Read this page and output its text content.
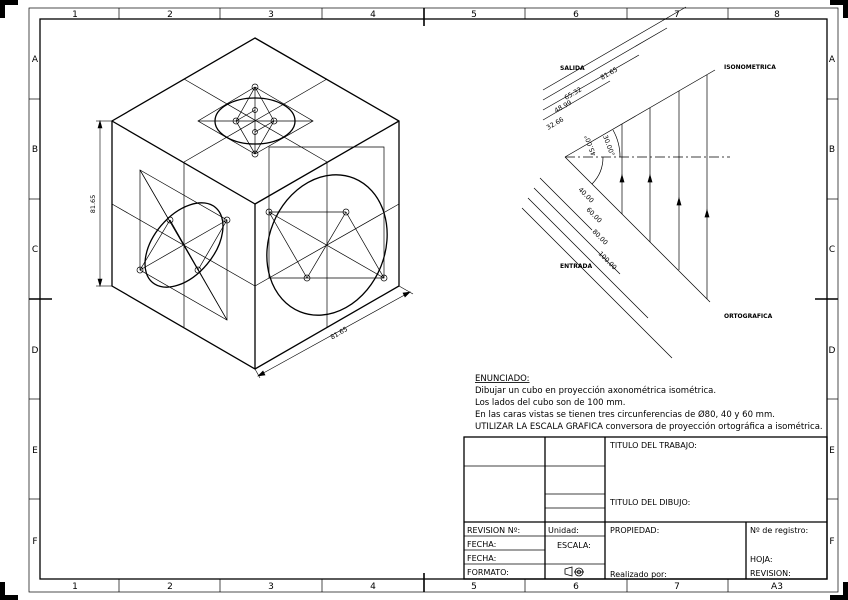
1	2	3	4	5	6	7	8
1	2	3	4	5	6	7	A3
A
B
C
D
E
F
A
B
C
D
E
F
81.65
81.65
32.66
48.99
65.32
81.65
40.00
60.00
80.00
100.00
30.00°
45.00°
SALIDA	ISONOMETRICA
ENTRADA
ORTOGRAFICA
ENUNCIADO:
Dibujar un cubo en proyección axonométrica isométrica.
Los lados del cubo son de 100 mm.
En las caras vistas se tienen tres circunferencias de Ø80, 40 y 60 mm.
UTILIZAR LA ESCALA GRAFICA conversora de proyección ortográfica a isométrica.
TITULO DEL TRABAJO:
TITULO DEL DIBUJO:
REVISION Nº:
FECHA:
FECHA:
FORMATO:
Unidad:
ESCALA:
PROPIEDAD:
Realizado por:
Nº de registro:
HOJA:
REVISION:
